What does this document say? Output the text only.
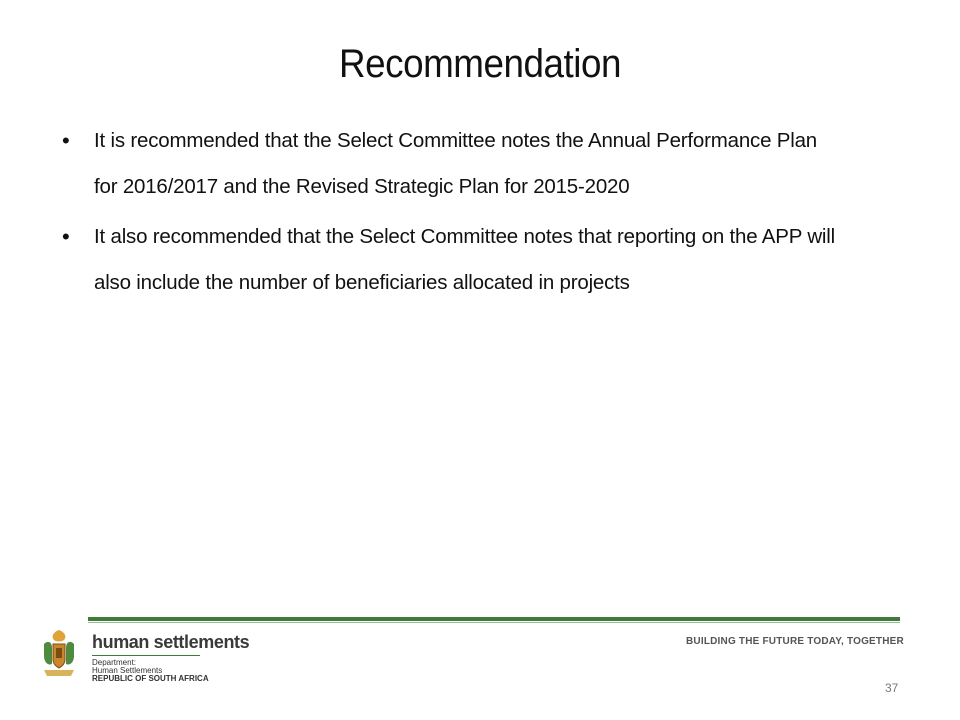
Recommendation
• It is recommended that the Select Committee notes the Annual Performance Plan
for 2016/2017 and the Revised Strategic Plan for 2015-2020
• It also recommended that the Select Committee notes that reporting on the APP will
also include the number of beneficiaries allocated in projects
human settlements
Department:
Human Settlements
REPUBLIC OF SOUTH AFRICA
BUILDING THE FUTURE TODAY, TOGETHER
37
